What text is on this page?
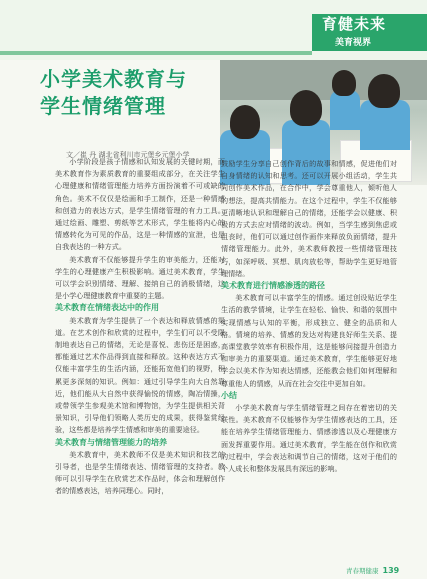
育健未来
美育视界
小学美术教育与
学生情绪管理
文／崔 丹 湖北省利川市元堡乡元堡小学

小学阶段是孩子情感和认知发展的关键时期，而美术教育作为素质教育的重要组成部分，在关注学生心理健康和情绪管理能力培养方面扮演着不可或缺的角色。美术不仅仅是绘画和手工制作，还是一种情感和创造力的表达方式，是学生情绪管理的有力工具。通过绘画、雕塑、剪纸等艺术形式，学生能将内心的情感转化为可见的作品，这是一种情感的宣泄，也是自我表达的一种方式。

美术教育不仅能够提升学生的审美能力，还能对学生的心理健康产生积极影响。通过美术教育，学生可以学会识别情绪、理解、接纳自己的消极情绪，这是小学心理健康教育中重要的主题。

美术教育在情绪表达中的作用

美术教育为学生提供了一个表达和释放情感的渠道。在艺术创作和欣赏的过程中，学生们可以不受限制地表达自己的情绪，无论是喜悦、悲伤还是困惑，都能通过艺术作品得到直接和释放。这种表达方式不仅能丰富学生的生活内涵，还能拓宽他们的视野，积累更多深刻的知识。例如：通过引导学生向大自然靠近，他们能从大自然中获得愉悦的情感，陶冶情操，或带领学生参观美术馆和博物馆，为学生提供相关背景知识，引导他们领略人类历史的成果，获得鉴赏经验，这些都是培养学生情感和审美的重要途径。

美术教育与情绪管理能力的培养

美术教育中，美术教师不仅是美术知识和技艺的引导者，也是学生情绪表达、情绪管理的支持者。教师可以引导学生在欣赏艺术作品时，体会和理解创作者的情感表达，培养同理心。同时，

鼓励学生分享自己创作背后的故事和情感，促进他们对自身情绪的认知和思考。还可以开展小组活动，学生共同创作美术作品，在合作中，学会尊重他人，倾听他人的想法，提高共情能力。在这个过程中，学生不仅能够更清晰地认识和理解自己的情绪，还能学会以健康、积极的方式去应对情绪的波动。例如，当学生感到焦虑或沮丧时，他们可以通过创作画作来释放负面情绪，提升情绪管理能力。此外，美术教师教授一些情绪管理技巧，如深呼吸、冥想、肌肉放松等，帮助学生更好地管理情绪。

美术教育进行情感渗透的路径

美术教育可以丰富学生的情感。通过创设贴近学生生活的教学情境，让学生在轻松、愉快、和谐的氛围中实现情感与认知的平衡，形成独立、健全的品质和人格。情境的培养、情感的发达对构建良好师生关系、提高课堂教学效率有积极作用，这是能够问接提升创造力和审美力的重要渠道。通过美术教育，学生能够更好地学会以美术作为知表达情感，还能教会他们如何理解和尊重他人的情感，从而在社会交往中更加自如。

小结

小学美术教育与学生情绪管理之间存在着密切的关联性。美术教育不仅能够作为学生情感表达的工具，还能在培养学生情绪管理能力、情感渗透以及心理健康方面发挥重要作用。通过美术教育，学生能在创作和欣赏的过程中，学会表达和调节自己的情绪，这对于他们的个人成长和整体发展具有深远的影响。

青春期健康 139
